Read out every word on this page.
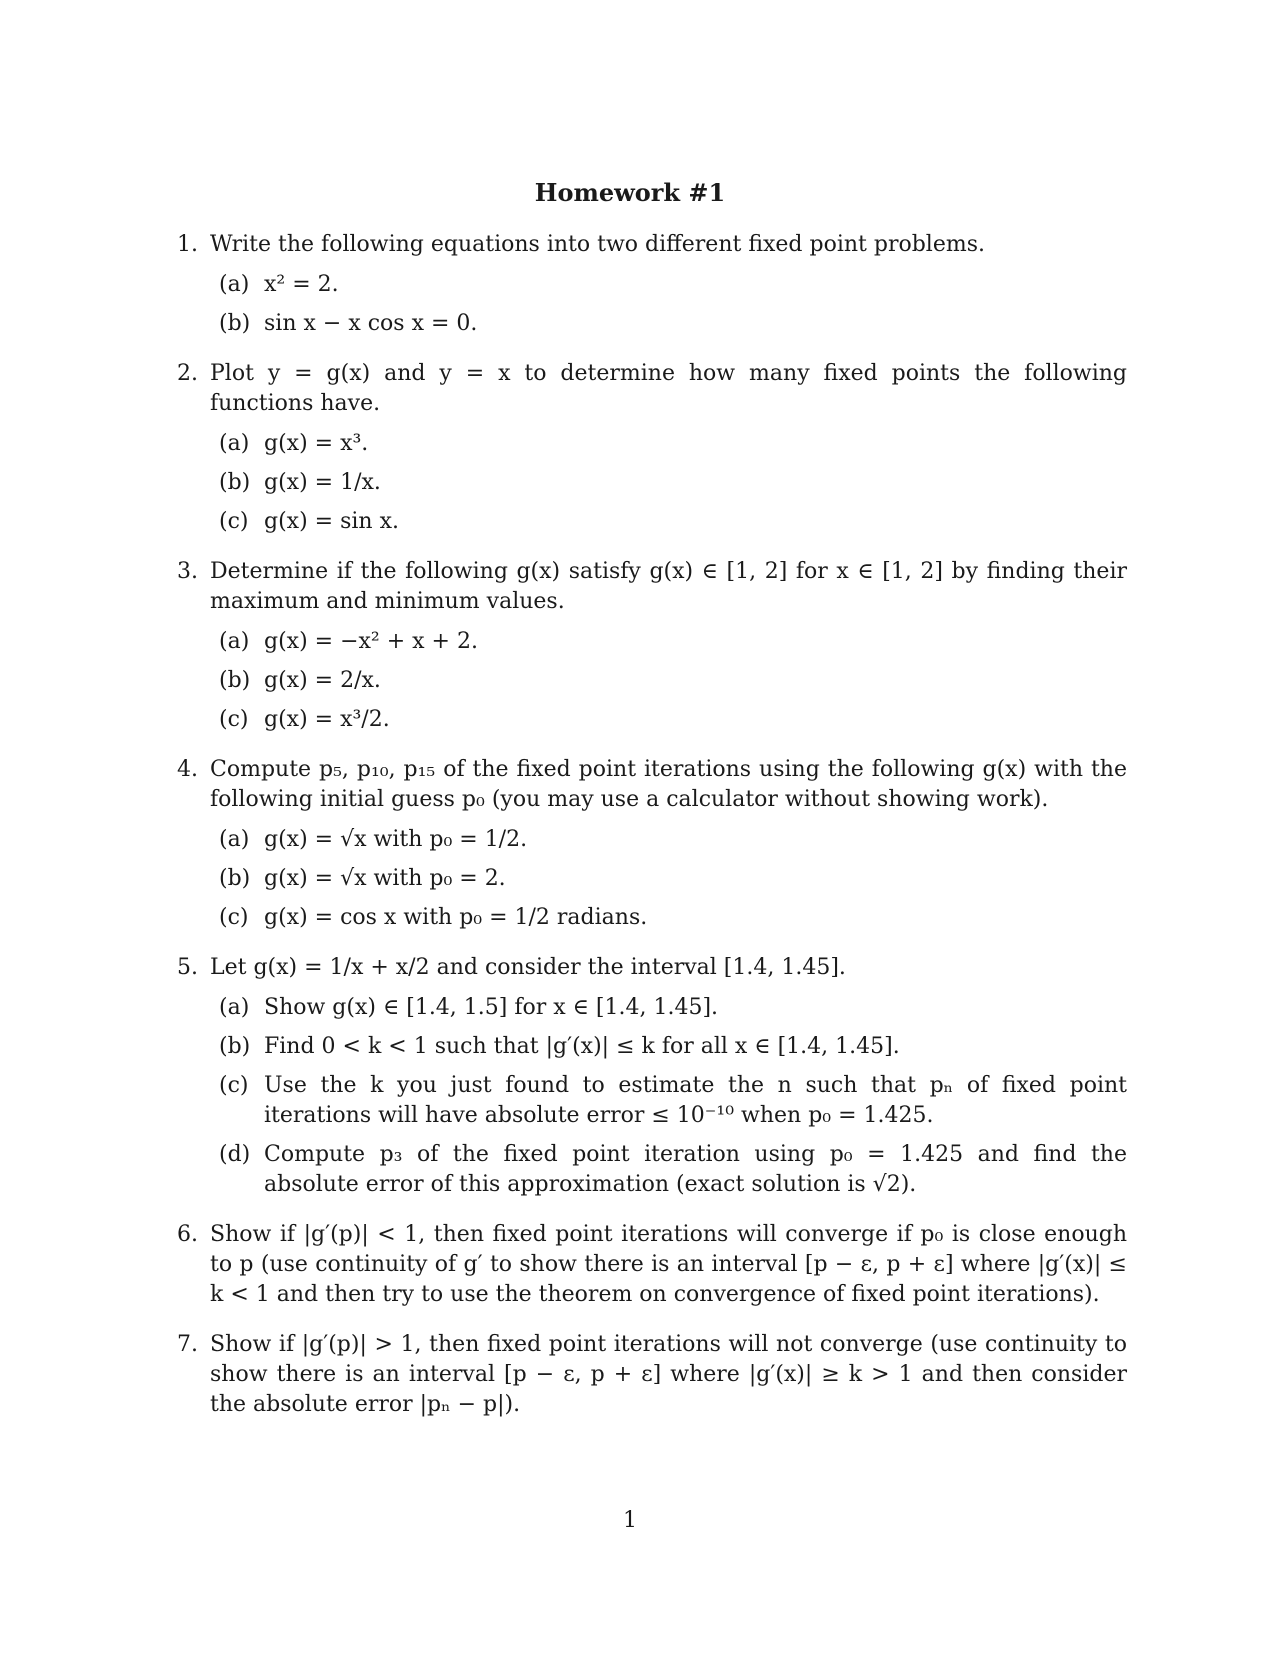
Homework #1
1. Write the following equations into two different fixed point problems.
(a) x² = 2.
(b) sin x − x cos x = 0.
2. Plot y = g(x) and y = x to determine how many fixed points the following functions have.
(a) g(x) = x³.
(b) g(x) = 1/x.
(c) g(x) = sin x.
3. Determine if the following g(x) satisfy g(x) ∈ [1, 2] for x ∈ [1, 2] by finding their maximum and minimum values.
(a) g(x) = −x² + x + 2.
(b) g(x) = 2/x.
(c) g(x) = x³/2.
4. Compute p₅, p₁₀, p₁₅ of the fixed point iterations using the following g(x) with the following initial guess p₀ (you may use a calculator without showing work).
(a) g(x) = √x with p₀ = 1/2.
(b) g(x) = √x with p₀ = 2.
(c) g(x) = cos x with p₀ = 1/2 radians.
5. Let g(x) = 1/x + x/2 and consider the interval [1.4, 1.45].
(a) Show g(x) ∈ [1.4, 1.5] for x ∈ [1.4, 1.45].
(b) Find 0 < k < 1 such that |g′(x)| ≤ k for all x ∈ [1.4, 1.45].
(c) Use the k you just found to estimate the n such that pₙ of fixed point iterations will have absolute error ≤ 10⁻¹⁰ when p₀ = 1.425.
(d) Compute p₃ of the fixed point iteration using p₀ = 1.425 and find the absolute error of this approximation (exact solution is √2).
6. Show if |g′(p)| < 1, then fixed point iterations will converge if p₀ is close enough to p (use continuity of g′ to show there is an interval [p − ε, p + ε] where |g′(x)| ≤ k < 1 and then try to use the theorem on convergence of fixed point iterations).
7. Show if |g′(p)| > 1, then fixed point iterations will not converge (use continuity to show there is an interval [p − ε, p + ε] where |g′(x)| ≥ k > 1 and then consider the absolute error |pₙ − p|).
1
